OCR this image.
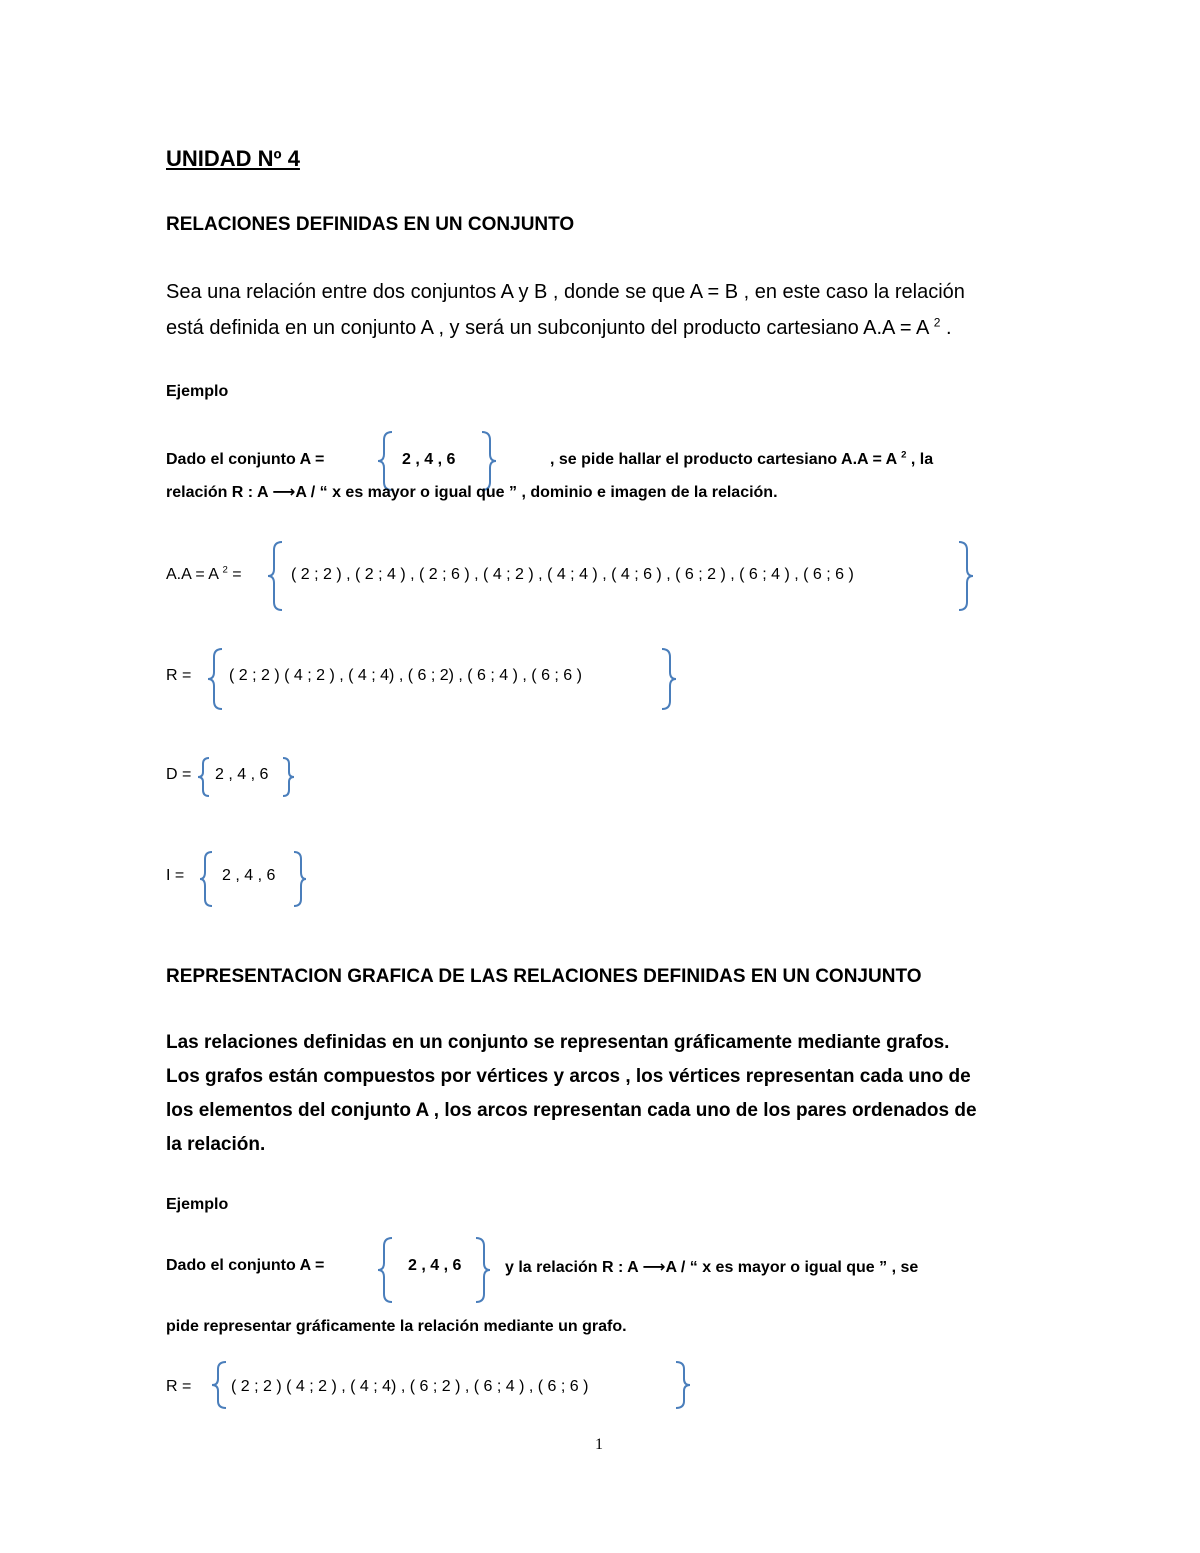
UNIDAD Nº 4
RELACIONES DEFINIDAS EN UN CONJUNTO
Sea una relación entre dos conjuntos A y B , donde se que A = B , en este caso la relación
está definida en un conjunto A , y será un subconjunto del producto cartesiano A.A = A $^2$ .
Ejemplo
Dado el conjunto A =	2 , 4 , 6	, se pide hallar el producto cartesiano A.A = A $^2$ , la
relación R : A ⟶A / “ x es mayor o igual que ” , dominio e imagen de la relación.
A.A = A $^2$ =	( 2 ; 2 ) , ( 2 ; 4 ) , ( 2 ; 6 ) , ( 4 ; 2 ) , ( 4 ; 4 ) , ( 4 ; 6 ) , ( 6 ; 2 ) , ( 6 ; 4 ) , ( 6 ; 6 )
R = ( 2 ; 2 ) ( 4 ; 2 ) , ( 4 ; 4) , ( 6 ; 2) , ( 6 ; 4 ) , ( 6 ; 6 )
D = 2 , 4 , 6
I = 2 , 4 , 6
REPRESENTACION GRAFICA DE LAS RELACIONES DEFINIDAS EN UN CONJUNTO
Las relaciones definidas en un conjunto se representan gráficamente mediante grafos.
Los grafos están compuestos por vértices y arcos , los vértices representan cada uno de
los elementos del conjunto A , los arcos representan cada uno de los pares ordenados de
la relación.
Ejemplo
Dado el conjunto A =	2 , 4 , 6	y la relación R : A ⟶A / “ x es mayor o igual que ” , se
pide representar gráficamente la relación mediante un grafo.
R = ( 2 ; 2 ) ( 4 ; 2 ) , ( 4 ; 4) , ( 6 ; 2 ) , ( 6 ; 4 ) , ( 6 ; 6 )
1
